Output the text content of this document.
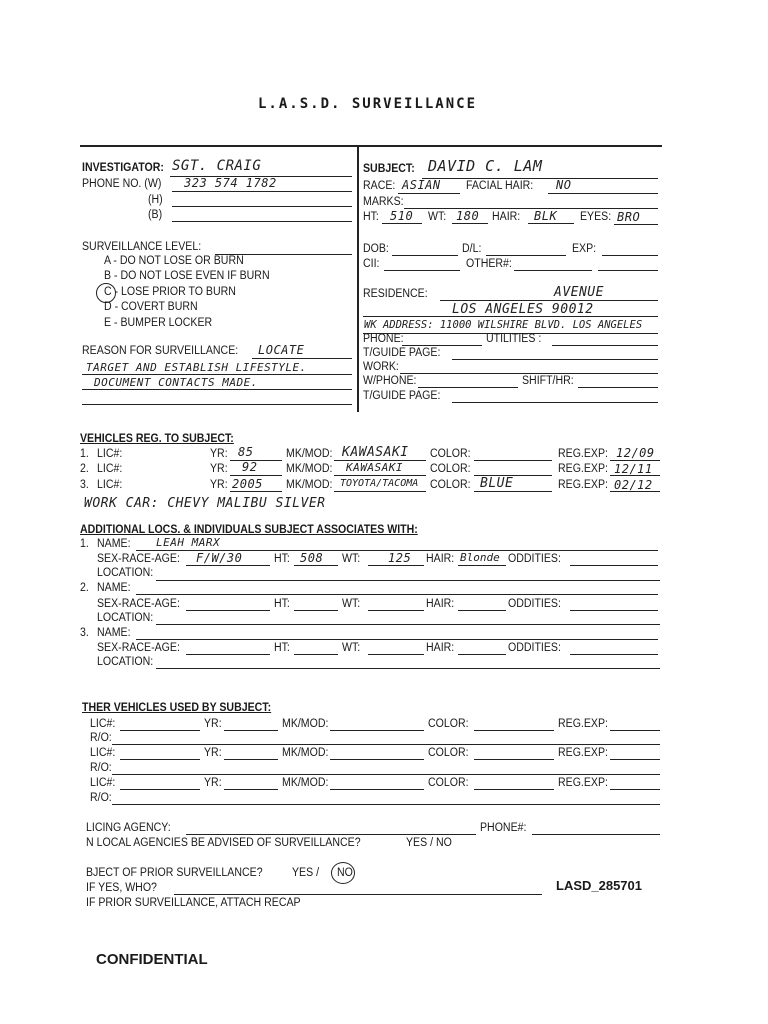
L.A.S.D. SURVEILLANCE
INVESTIGATOR: SGT. CRAIG
PHONE NO. (W) 323 574 1782
(H)
(B)
SURVEILLANCE LEVEL:
A - DO NOT LOSE OR BURN
B - DO NOT LOSE EVEN IF BURN
C - LOSE PRIOR TO BURN
D - COVERT BURN
E - BUMPER LOCKER
REASON FOR SURVEILLANCE: LOCATE
TARGET AND ESTABLISH LIFESTYLE.
DOCUMENT CONTACTS MADE.
SUBJECT: DAVID C. LAM
RACE: ASIAN FACIAL HAIR: NO
MARKS:
HT: 510 WT: 180 HAIR: BLK EYES: BRO
DOB:	D/L:	EXP:
CII:	OTHER#:
RESIDENCE:	AVENUE
LOS ANGELES 90012
WK ADDRESS: 11000 WILSHIRE BLVD. LOS ANGELES
PHONE:	UTILITIES :
T/GUIDE PAGE:
WORK:
W/PHONE:	SHIFT/HR:
T/GUIDE PAGE:
VEHICLES REG. TO SUBJECT:
1. LIC#:	YR: 85	MK/MOD: KAWASAKI COLOR:	REG.EXP: 12/09
2. LIC#:	YR: 92 MK/MOD: KAWASAKI COLOR:	REG.EXP: 12/11
3. LIC#:	YR: 2005 MK/MOD: TOYOTA/TACOMA COLOR: BLUE	REG.EXP: 02/12
WORK CAR: CHEVY MALIBU SILVER
ADDITIONAL LOCS. & INDIVIDUALS SUBJECT ASSOCIATES WITH:
1. NAME: LEAH MARX
SEX-RACE-AGE: F/W/30	HT: 508 WT: 125 HAIR: Blonde ODDITIES:
LOCATION:
2. NAME:
SEX-RACE-AGE:	HT:	WT:	HAIR:	ODDITIES:
LOCATION:
3. NAME:
SEX-RACE-AGE:	HT:	WT:	HAIR:	ODDITIES:
LOCATION:
THER VEHICLES USED BY SUBJECT:
LIC#:	YR:	MK/MOD:	COLOR:	REG.EXP:
R/O:
LIC#:	YR:	MK/MOD:	COLOR:	REG.EXP:
R/O:
LIC#:	YR:	MK/MOD:	COLOR:	REG.EXP:
R/O:
LICING AGENCY:	PHONE#:
N LOCAL AGENCIES BE ADVISED OF SURVEILLANCE?	YES / NO
BJECT OF PRIOR SURVEILLANCE?	YES / NO
IF YES, WHO?
IF PRIOR SURVEILLANCE, ATTACH RECAP
LASD_285701
CONFIDENTIAL
